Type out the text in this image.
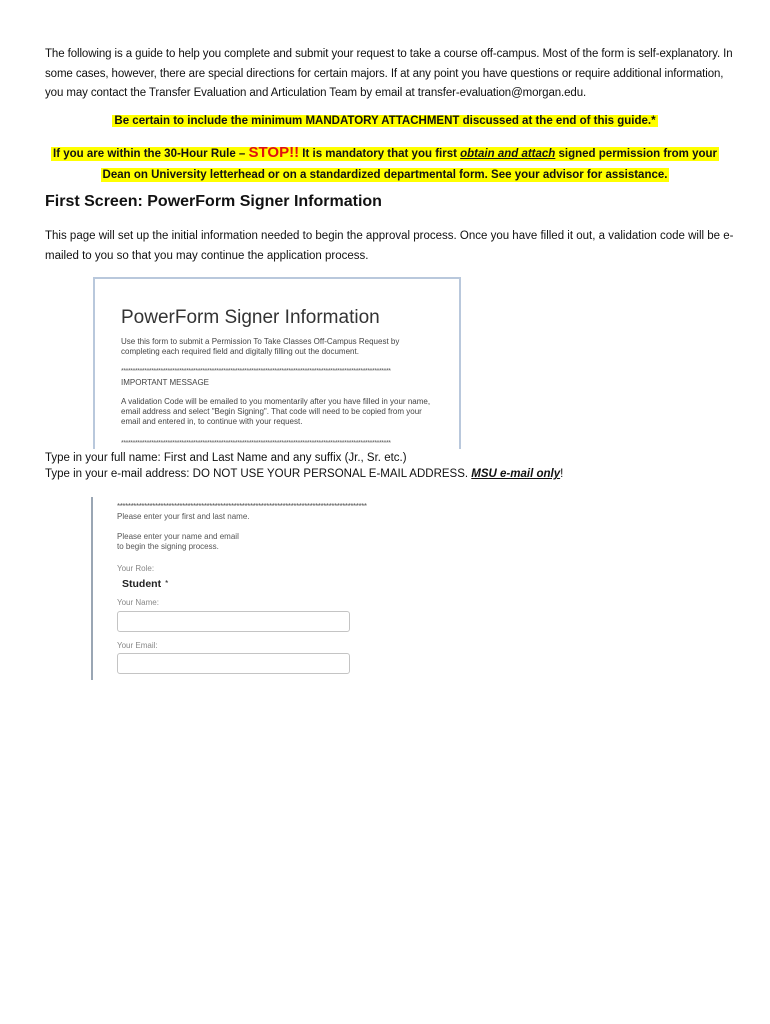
The following is a guide to help you complete and submit your request to take a course off-campus. Most of the form is self-explanatory. In some cases, however, there are special directions for certain majors. If at any point you have questions or require additional information, you may contact the Transfer Evaluation and Articulation Team by email at transfer-evaluation@morgan.edu.
Be certain to include the minimum MANDATORY ATTACHMENT discussed at the end of this guide.*
If you are within the 30-Hour Rule – STOP!! It is mandatory that you first obtain and attach signed permission from your
Dean on University letterhead or on a standardized departmental form. See your advisor for assistance.
First Screen: PowerForm Signer Information
This page will set up the initial information needed to begin the approval process. Once you have filled it out, a validation code will be e-mailed to you so that you may continue the application process.
PowerForm Signer Information
Use this form to submit a Permission To Take Classes Off-Campus Request by completing each required field and digitally filling out the document.
********************************************************************************************************************
IMPORTANT MESSAGE
A validation Code will be emailed to you momentarily after you have filled in your name, email address and select "Begin Signing". That code will need to be copied from your email and entered in, to continue with your request.
********************************************************************************************************************
Type in your full name: First and Last Name and any suffix (Jr., Sr. etc.)
Type in your e-mail address: DO NOT USE YOUR PERSONAL E-MAIL ADDRESS. MSU e-mail only!
********************************************************************************************
Please enter your first and last name.
Please enter your name and email
to begin the signing process.
Your Role:
Student *
Your Name:
Your Email:
